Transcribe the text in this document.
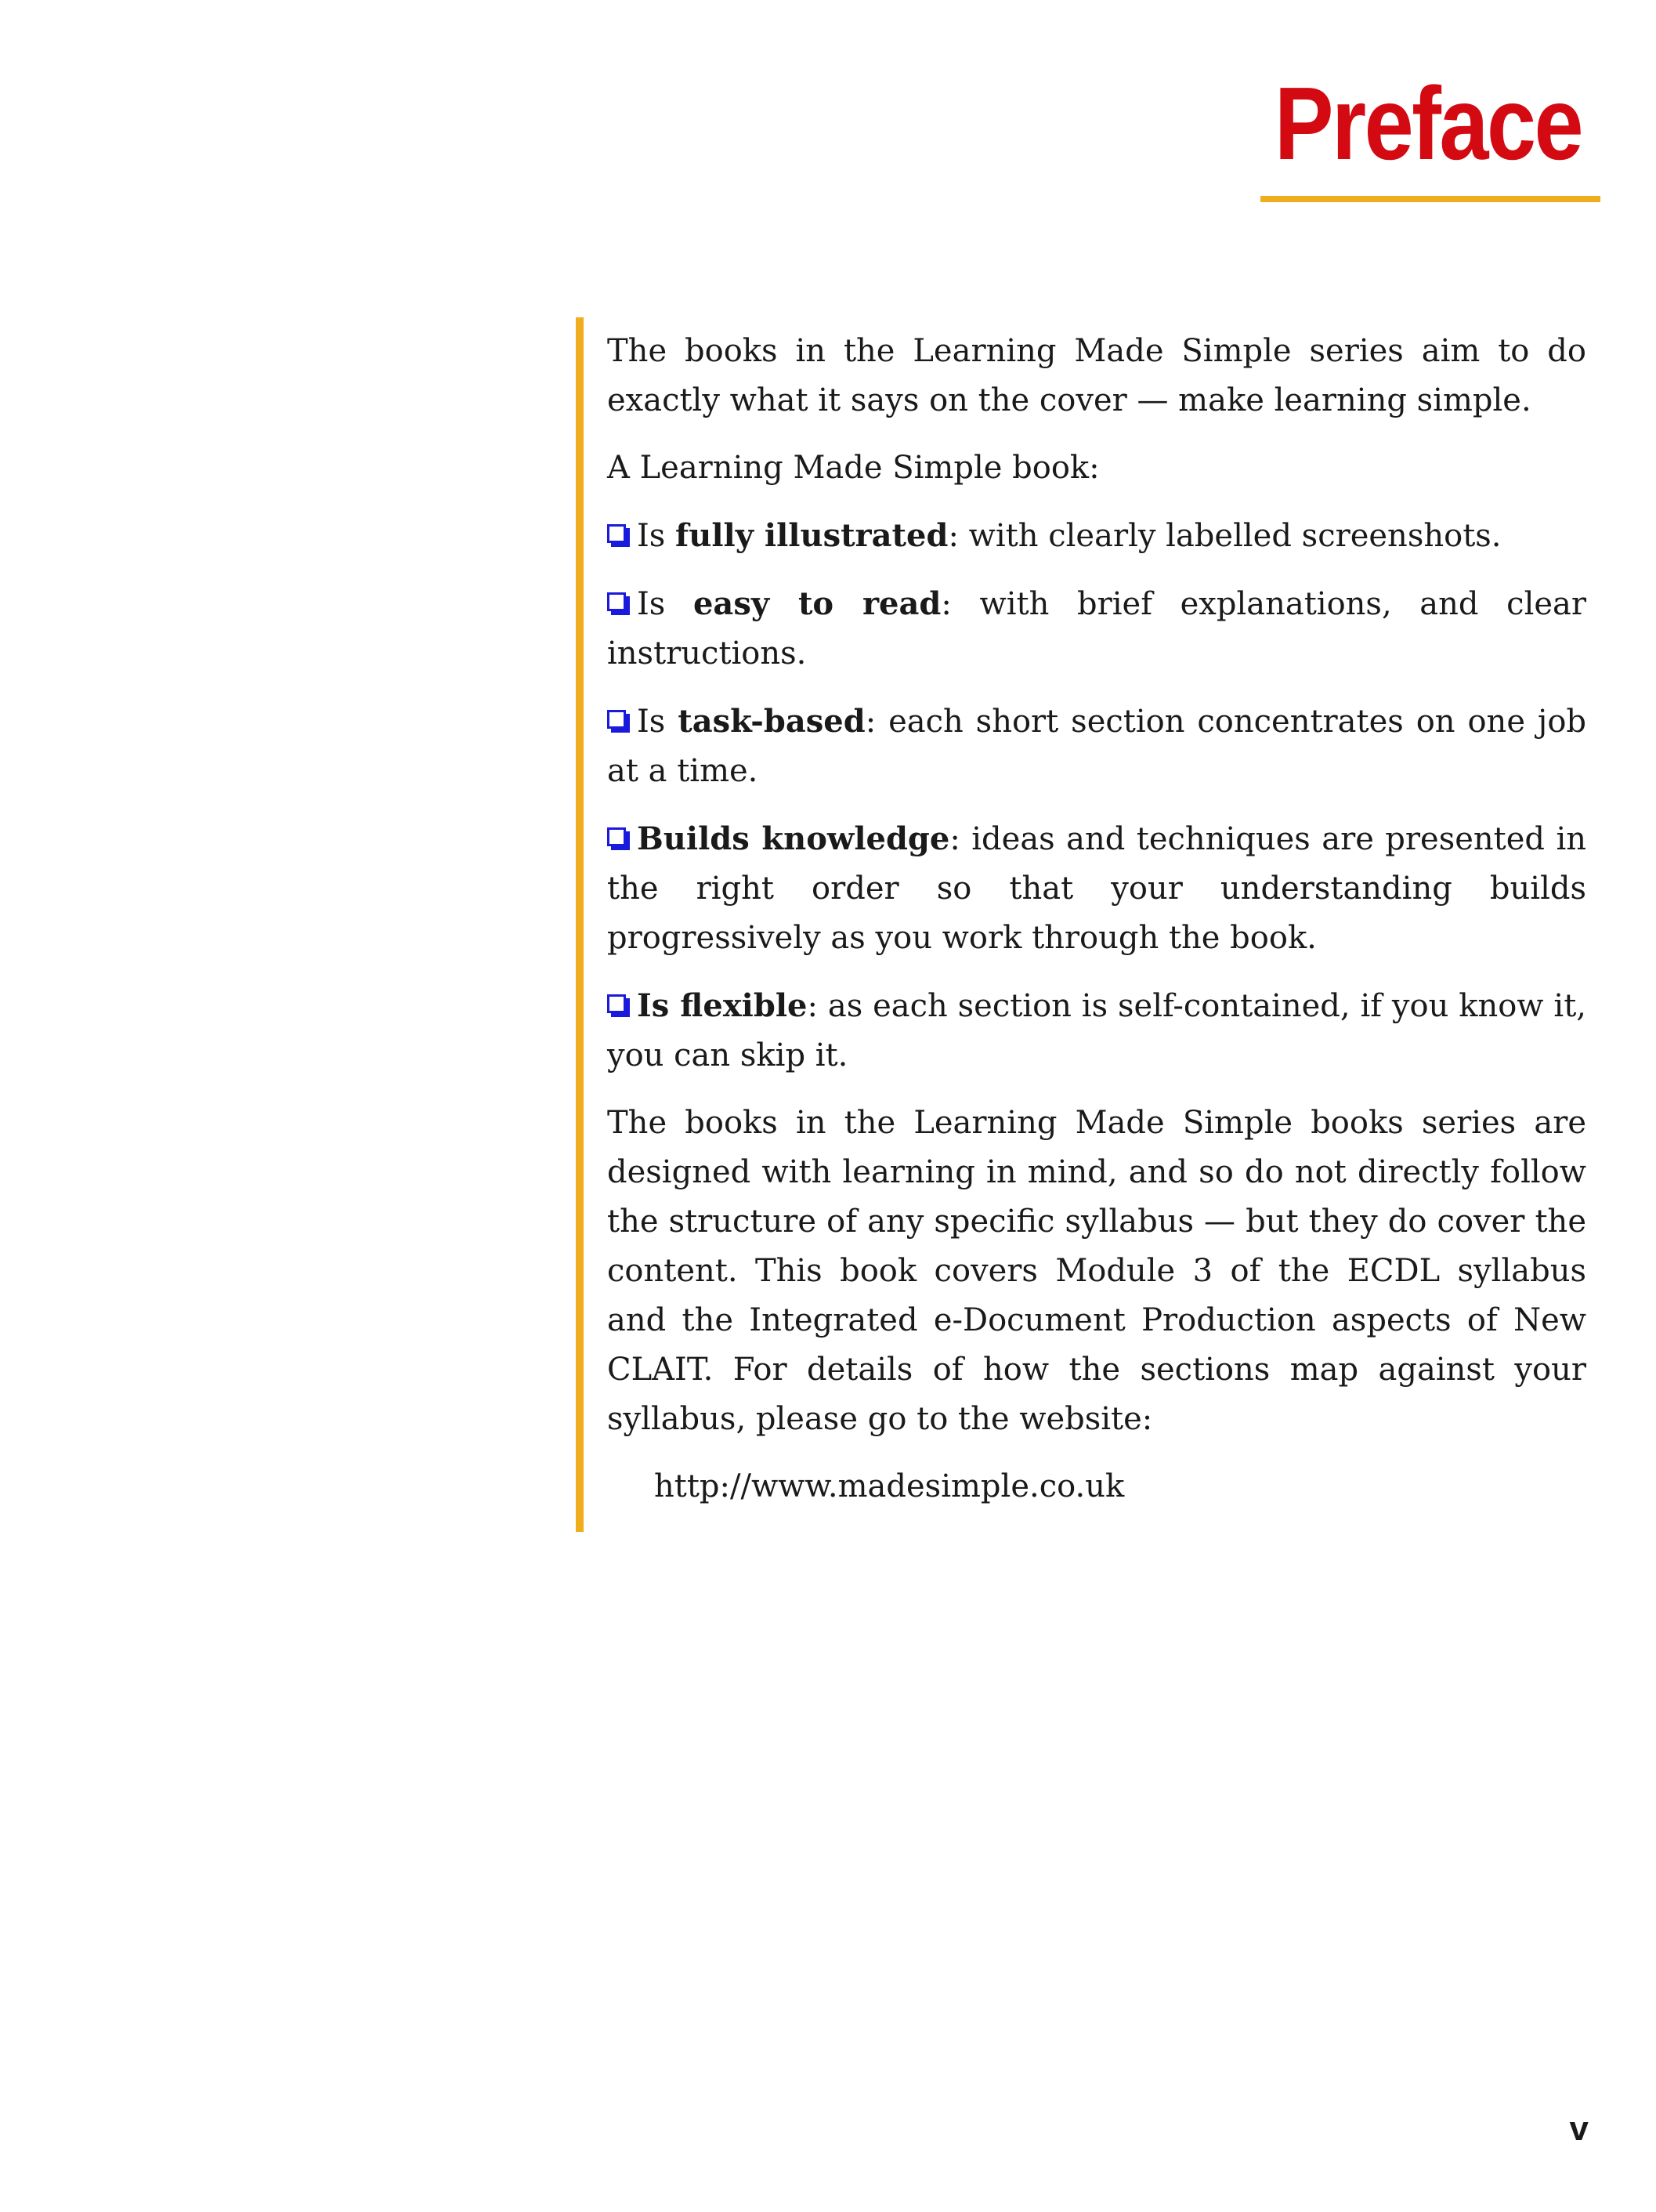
Preface

The books in the Learning Made Simple series aim to do exactly what it says on the cover — make learning simple.

A Learning Made Simple book:

Is fully illustrated: with clearly labelled screenshots.

Is easy to read: with brief explanations, and clear instructions.

Is task-based: each short section concentrates on one job at a time.

Builds knowledge: ideas and techniques are presented in the right order so that your understanding builds progressively as you work through the book.

Is flexible: as each section is self-contained, if you know it, you can skip it.

The books in the Learning Made Simple books series are designed with learning in mind, and so do not directly follow the structure of any specific syllabus — but they do cover the content. This book covers Module 3 of the ECDL syllabus and the Integrated e-Document Production aspects of New CLAIT. For details of how the sections map against your syllabus, please go to the website:

http://www.madesimple.co.uk

v
